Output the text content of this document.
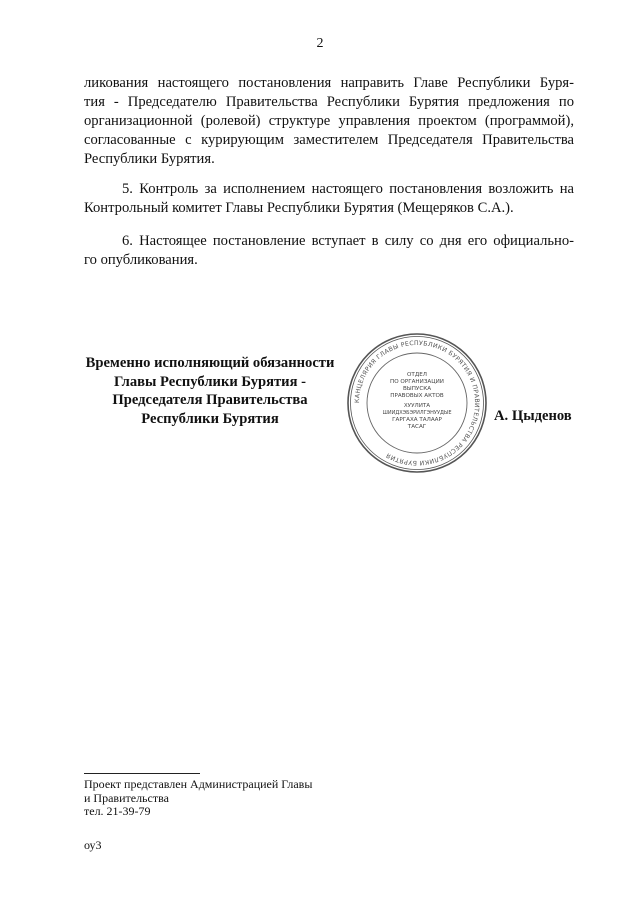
2
ликования настоящего постановления направить Главе Республики Буря-
тия - Председателю Правительства Республики Бурятия предложения по
организационной (ролевой) структуре управления проектом (программой),
согласованные с курирующим заместителем Председателя Правительства
Республики Бурятия.
5. Контроль за исполнением настоящего постановления возложить на
Контрольный комитет Главы Республики Бурятия (Мещеряков С.А.).
6. Настоящее постановление вступает в силу со дня его официально-
го опубликования.
Временно исполняющий обязанности
Главы Республики Бурятия -
Председателя Правительства
Республики Бурятия
КАНЦЕЛЯРИЯ ГЛАВЫ РЕСПУБЛИКИ БУРЯТИЯ И ПРАВИТЕЛЬСТВА РЕСПУБЛИКИ БУРЯТИЯ
ОТДЕЛ
ПО ОРГАНИЗАЦИИ
ВЫПУСКА
ПРАВОВЫХ АКТОВ
ХУУЛИТА
ШИИДХЭБЭРИЛГЭНУУДЫЕ
ГАРГАХА ТАЛААР
ТАСАГ
А. Цыденов
Проект представлен Администрацией Главы
и Правительства
тел. 21-39-79
оу3
